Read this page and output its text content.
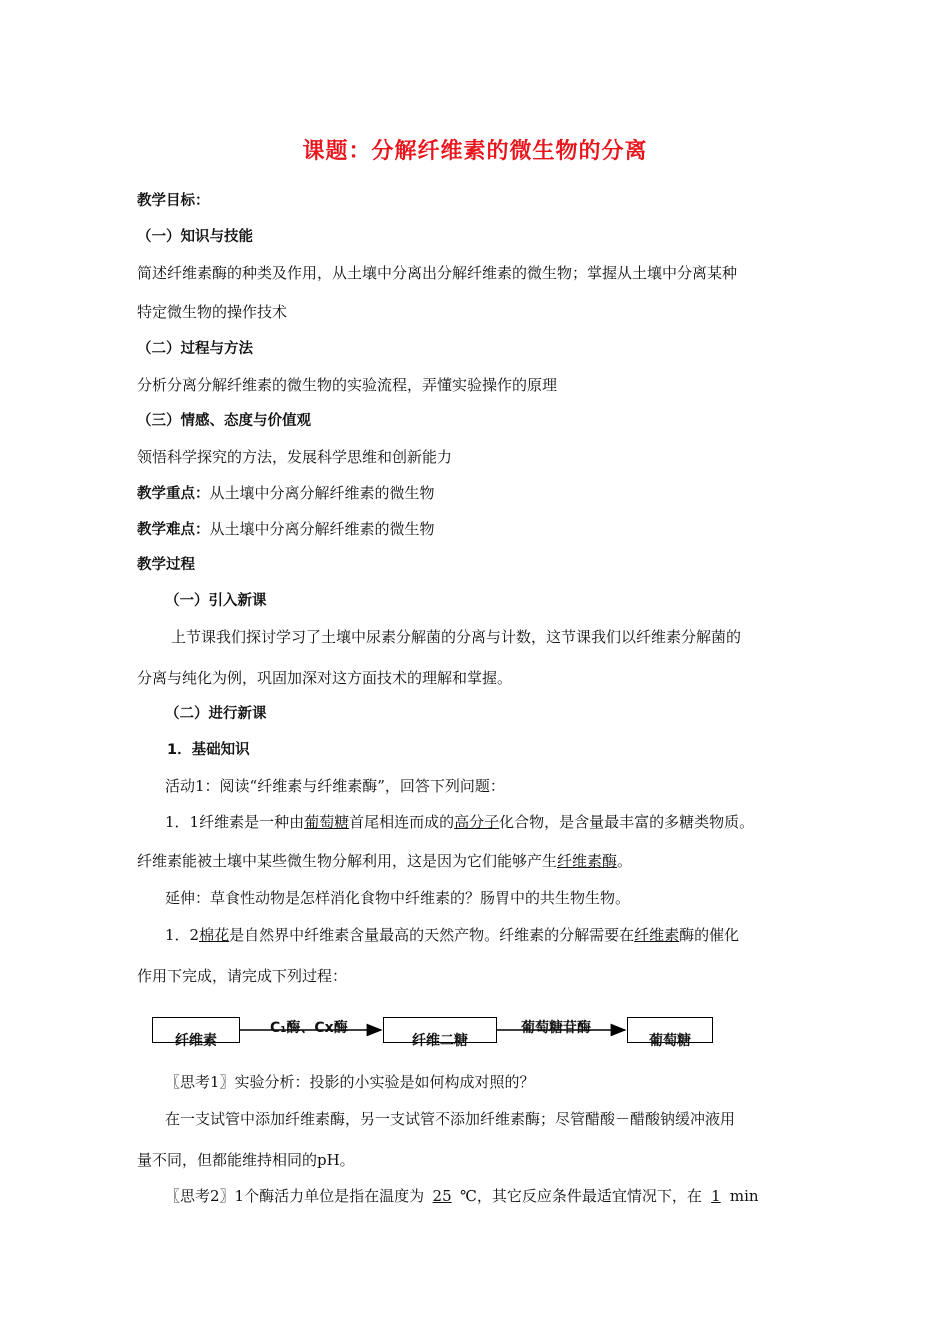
课题：分解纤维素的微生物的分离
教学目标：
（一）知识与技能
简述纤维素酶的种类及作用，从土壤中分离出分解纤维素的微生物；掌握从土壤中分离某种
特定微生物的操作技术
（二）过程与方法
分析分离分解纤维素的微生物的实验流程，弄懂实验操作的原理
（三）情感、态度与价值观
领悟科学探究的方法，发展科学思维和创新能力
教学重点：从土壤中分离分解纤维素的微生物
教学难点：从土壤中分离分解纤维素的微生物
教学过程
（一）引入新课
上节课我们探讨学习了土壤中尿素分解菌的分离与计数，这节课我们以纤维素分解菌的
分离与纯化为例，巩固加深对这方面技术的理解和掌握。
（二）进行新课
1．基础知识
活动1：阅读“纤维素与纤维素酶”，回答下列问题：
1．1纤维素是一种由葡萄糖首尾相连而成的高分子化合物，是含量最丰富的多糖类物质。
纤维素能被土壤中某些微生物分解利用，这是因为它们能够产生纤维素酶。
延伸：草食性动物是怎样消化食物中纤维素的？肠胃中的共生物生物。
1．2棉花是自然界中纤维素含量最高的天然产物。纤维素的分解需要在纤维素酶的催化
作用下完成，请完成下列过程：
纤维素
C₁酶、Cx酶
纤维二糖
葡萄糖苷酶
葡萄糖
〖思考1〗实验分析：投影的小实验是如何构成对照的？
在一支试管中添加纤维素酶，另一支试管不添加纤维素酶；尽管醋酸－醋酸钠缓冲液用
量不同，但都能维持相同的pH。
〖思考2〗1个酶活力单位是指在温度为 25 ℃，其它反应条件最适宜情况下，在 1 min
